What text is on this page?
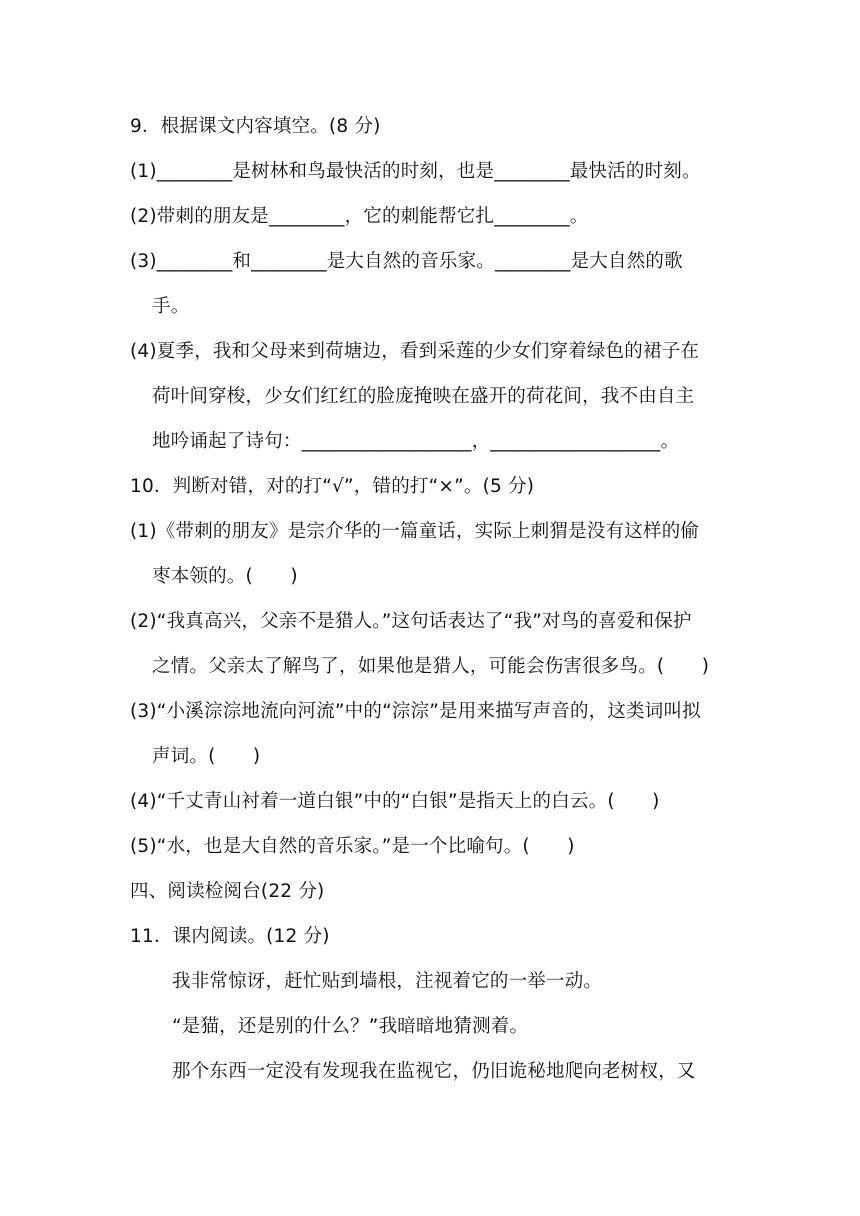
9．根据课文内容填空。(8 分)
(1)________是树林和鸟最快活的时刻，也是________最快活的时刻。
(2)带刺的朋友是________，它的刺能帮它扎________。
(3)________和________是大自然的音乐家。________是大自然的歌
手。
(4)夏季，我和父母来到荷塘边，看到采莲的少女们穿着绿色的裙子在
荷叶间穿梭，少女们红红的脸庞掩映在盛开的荷花间，我不由自主
地吟诵起了诗句：__________________，__________________。
10．判断对错，对的打“√”，错的打“×”。(5 分)
(1)《带刺的朋友》是宗介华的一篇童话，实际上刺猬是没有这样的偷
枣本领的。(　　)
(2)“我真高兴，父亲不是猎人。”这句话表达了“我”对鸟的喜爱和保护
之情。父亲太了解鸟了，如果他是猎人，可能会伤害很多鸟。(　　)
(3)“小溪淙淙地流向河流”中的“淙淙”是用来描写声音的，这类词叫拟
声词。(　　)
(4)“千丈青山衬着一道白银”中的“白银”是指天上的白云。(　　)
(5)“水，也是大自然的音乐家。”是一个比喻句。(　　)
四、阅读检阅台(22 分)
11．课内阅读。(12 分)
我非常惊讶，赶忙贴到墙根，注视着它的一举一动。
“是猫，还是别的什么？”我暗暗地猜测着。
那个东西一定没有发现我在监视它，仍旧诡秘地爬向老树杈，又
